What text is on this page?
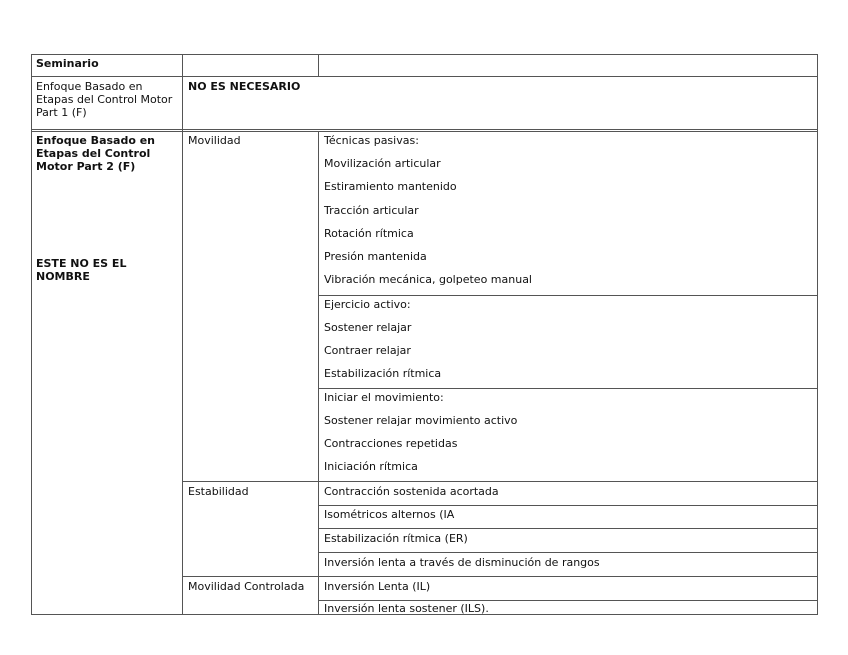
Seminario
Enfoque Basado en Etapas del Control Motor Part 1 (F)
NO ES NECESARIO
Enfoque Basado en Etapas del Control Motor Part 2 (F)
ESTE NO ES EL NOMBRE
Movilidad	Técnicas pasivas:
Movilización articular
Estiramiento mantenido
Tracción articular
Rotación rítmica
Presión mantenida
Vibración mecánica, golpeteo manual
Ejercicio activo:
Sostener relajar
Contraer relajar
Estabilización rítmica
Iniciar el movimiento:
Sostener relajar movimiento activo
Contracciones repetidas
Iniciación rítmica
Estabilidad	Contracción sostenida acortada
Isométricos alternos (IA
Estabilización rítmica (ER)
Inversión lenta a través de disminución de rangos
Movilidad Controlada Inversión Lenta (IL)
Inversión lenta sostener (ILS).
